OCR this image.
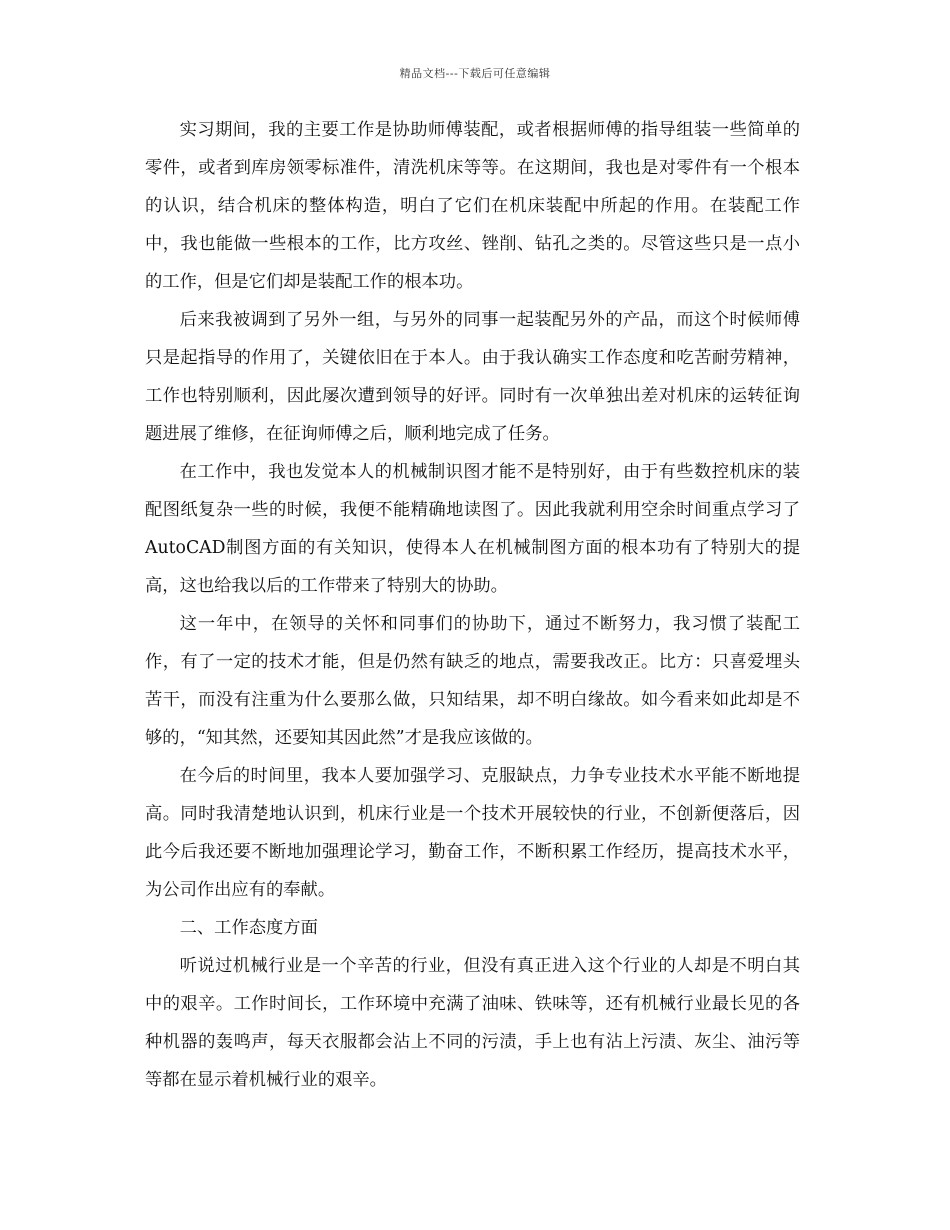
精品文档---下载后可任意编辑

实习期间，我的主要工作是协助师傅装配，或者根据师傅的指导组装一些简单的零件，或者到库房领零标准件，清洗机床等等。在这期间，我也是对零件有一个根本的认识，结合机床的整体构造，明白了它们在机床装配中所起的作用。在装配工作中，我也能做一些根本的工作，比方攻丝、锉削、钻孔之类的。尽管这些只是一点小的工作，但是它们却是装配工作的根本功。

后来我被调到了另外一组，与另外的同事一起装配另外的产品，而这个时候师傅只是起指导的作用了，关键依旧在于本人。由于我认确实工作态度和吃苦耐劳精神，工作也特别顺利，因此屡次遭到领导的好评。同时有一次单独出差对机床的运转征询题进展了维修，在征询师傅之后，顺利地完成了任务。

在工作中，我也发觉本人的机械制识图才能不是特别好，由于有些数控机床的装配图纸复杂一些的时候，我便不能精确地读图了。因此我就利用空余时间重点学习了AutoCAD制图方面的有关知识，使得本人在机械制图方面的根本功有了特别大的提高，这也给我以后的工作带来了特别大的协助。

这一年中，在领导的关怀和同事们的协助下，通过不断努力，我习惯了装配工作，有了一定的技术才能，但是仍然有缺乏的地点，需要我改正。比方：只喜爱埋头苦干，而没有注重为什么要那么做，只知结果，却不明白缘故。如今看来如此却是不够的，“知其然，还要知其因此然”才是我应该做的。

在今后的时间里，我本人要加强学习、克服缺点，力争专业技术水平能不断地提高。同时我清楚地认识到，机床行业是一个技术开展较快的行业，不创新便落后，因此今后我还要不断地加强理论学习，勤奋工作，不断积累工作经历，提高技术水平，为公司作出应有的奉献。

二、工作态度方面

听说过机械行业是一个辛苦的行业，但没有真正进入这个行业的人却是不明白其中的艰辛。工作时间长，工作环境中充满了油味、铁味等，还有机械行业最长见的各种机器的轰鸣声，每天衣服都会沾上不同的污渍，手上也有沾上污渍、灰尘、油污等等都在显示着机械行业的艰辛。
